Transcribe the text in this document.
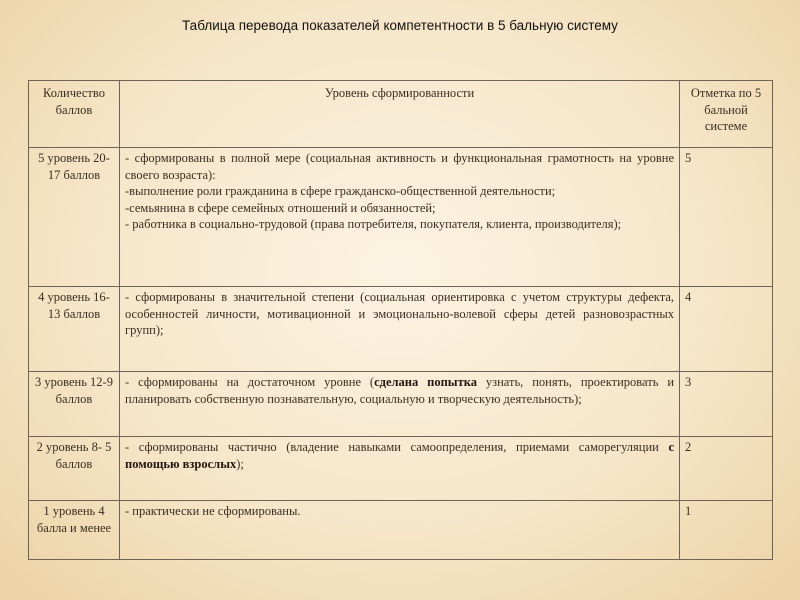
Таблица перевода показателей компетентности в 5 бальную систему
Количество баллов	Уровень сформированности	Отметка по 5 бальной системе
5 уровень 20-17 баллов	- сформированы в полной мере (социальная активность и функциональная грамотность на уровне своего возраста):
-выполнение роли гражданина в сфере гражданско-общественной деятельности;
-семьянина в сфере семейных отношений и обязанностей;
- работника в социально-трудовой (права потребителя, покупателя, клиента, производителя);	5
4 уровень 16-13 баллов	- сформированы в значительной степени (социальная ориентировка с учетом структуры дефекта, особенностей личности, мотивационной и эмоционально-волевой сферы детей разновозрастных групп);	4
3 уровень 12-9 баллов	- сформированы на достаточном уровне (сделана попытка узнать, понять, проектировать и планировать собственную познавательную, социальную и творческую деятельность);	3
2 уровень 8- 5 баллов	- сформированы частично (владение навыками самоопределения, приемами саморегуляции с помощью взрослых);	2
1 уровень 4 балла и менее	- практически не сформированы.	1
